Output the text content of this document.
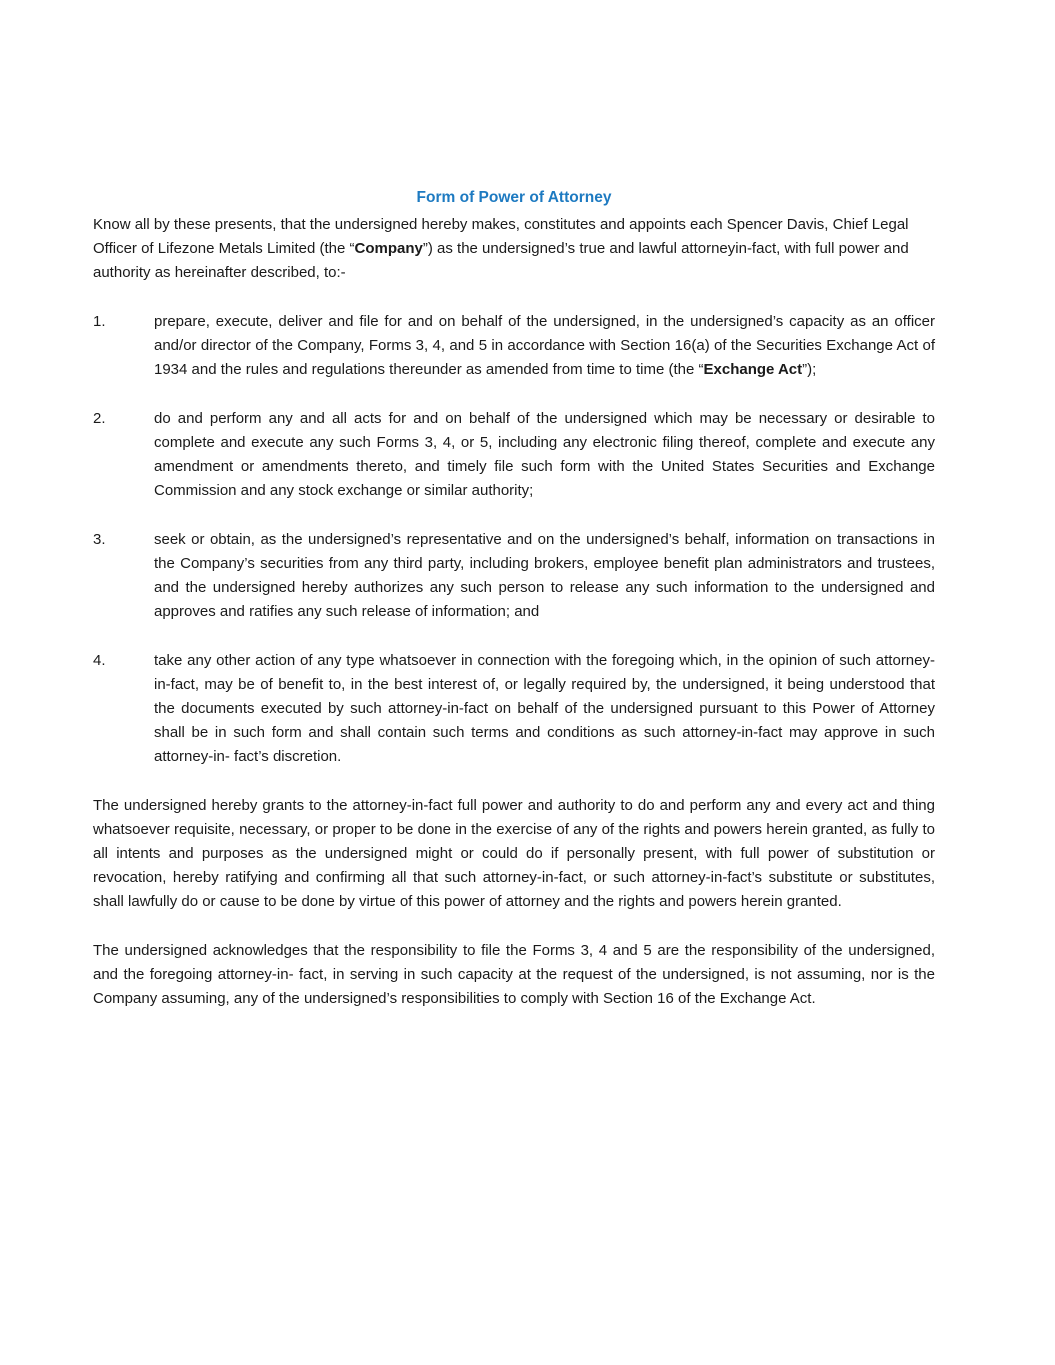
Form of Power of Attorney

Know all by these presents, that the undersigned hereby makes, constitutes and appoints each Spencer Davis, Chief Legal Officer of Lifezone Metals Limited (the “Company”) as the undersigned’s true and lawful attorneyin-fact, with full power and authority as hereinafter described, to:-

1.	prepare, execute, deliver and file for and on behalf of the undersigned, in the undersigned’s capacity as an officer and/or director of the Company, Forms 3, 4, and 5 in accordance with Section 16(a) of the Securities Exchange Act of 1934 and the rules and regulations thereunder as amended from time to time (the “Exchange Act”);
2.	do and perform any and all acts for and on behalf of the undersigned which may be necessary or desirable to complete and execute any such Forms 3, 4, or 5, including any electronic filing thereof, complete and execute any amendment or amendments thereto, and timely file such form with the United States Securities and Exchange Commission and any stock exchange or similar authority;
3.	seek or obtain, as the undersigned’s representative and on the undersigned’s behalf, information on transactions in the Company’s securities from any third party, including brokers, employee benefit plan administrators and trustees, and the undersigned hereby authorizes any such person to release any such information to the undersigned and approves and ratifies any such release of information; and
4.	take any other action of any type whatsoever in connection with the foregoing which, in the opinion of such attorney-in-fact, may be of benefit to, in the best interest of, or legally required by, the undersigned, it being understood that the documents executed by such attorney-in-fact on behalf of the undersigned pursuant to this Power of Attorney shall be in such form and shall contain such terms and conditions as such attorney-in-fact may approve in such attorney-in- fact’s discretion.

The undersigned hereby grants to the attorney-in-fact full power and authority to do and perform any and every act and thing whatsoever requisite, necessary, or proper to be done in the exercise of any of the rights and powers herein granted, as fully to all intents and purposes as the undersigned might or could do if personally present, with full power of substitution or revocation, hereby ratifying and confirming all that such attorney-in-fact, or such attorney-in-fact’s substitute or substitutes, shall lawfully do or cause to be done by virtue of this power of attorney and the rights and powers herein granted.

The undersigned acknowledges that the responsibility to file the Forms 3, 4 and 5 are the responsibility of the undersigned, and the foregoing attorney-in- fact, in serving in such capacity at the request of the undersigned, is not assuming, nor is the Company assuming, any of the undersigned’s responsibilities to comply with Section 16 of the Exchange Act.
